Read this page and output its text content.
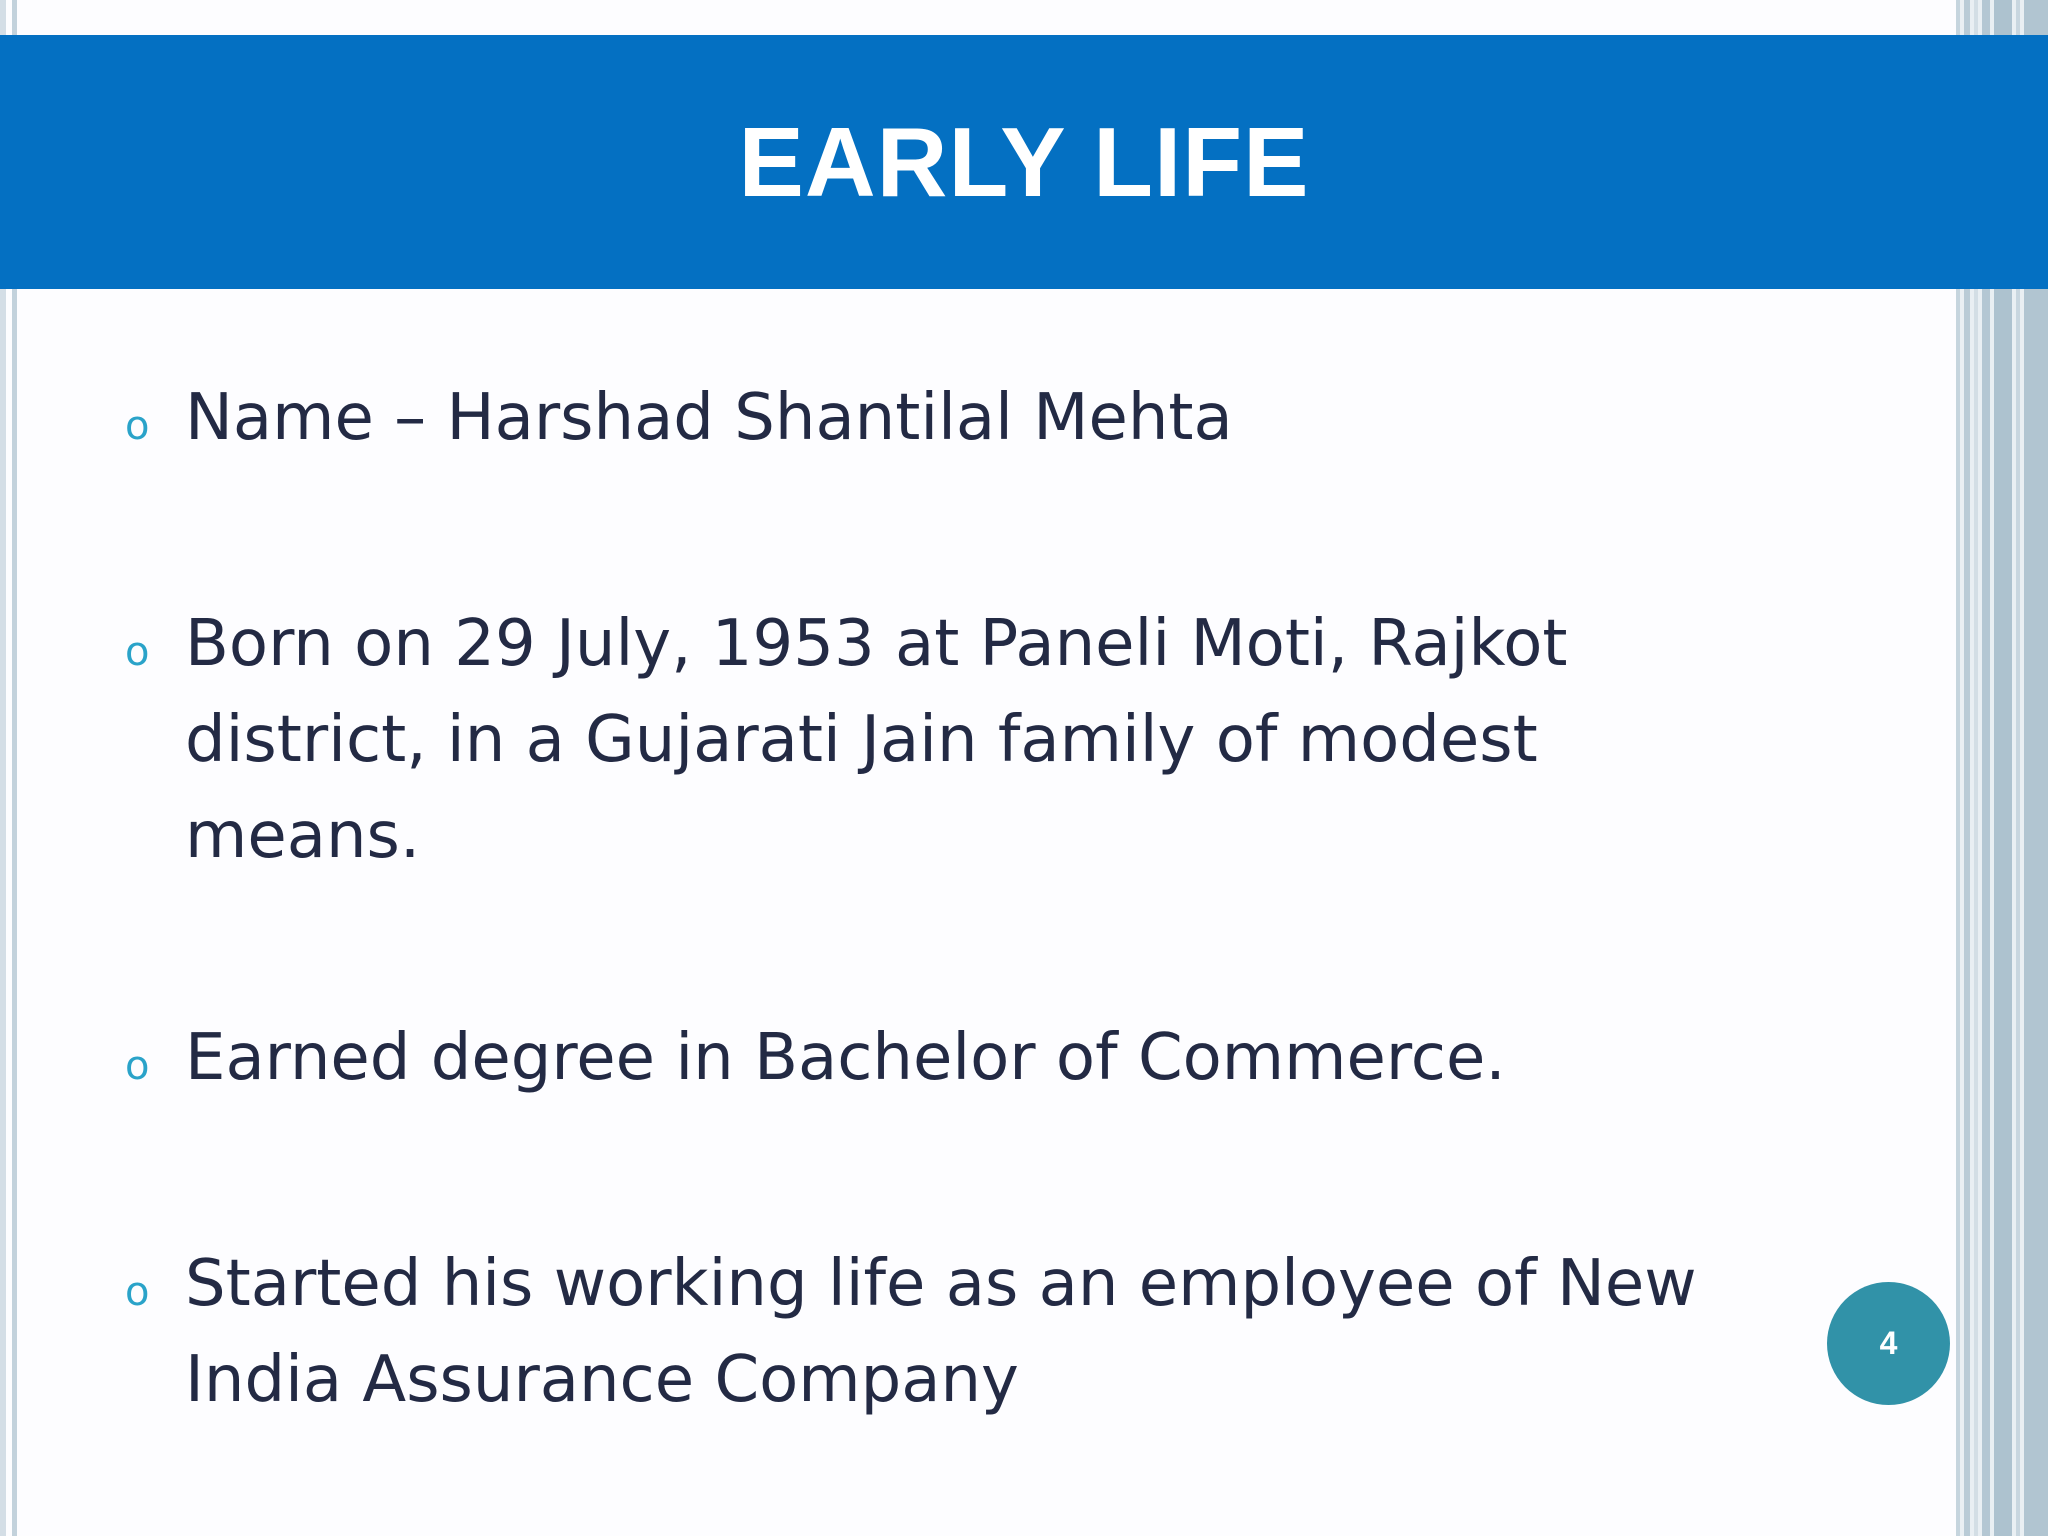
EARLY LIFE
o Name – Harshad Shantilal Mehta
o Born on 29 July, 1953 at Paneli Moti, Rajkot district, in a Gujarati Jain family of modest means.
o Earned degree in Bachelor of Commerce.
o Started his working life as an employee of New India Assurance Company	4
